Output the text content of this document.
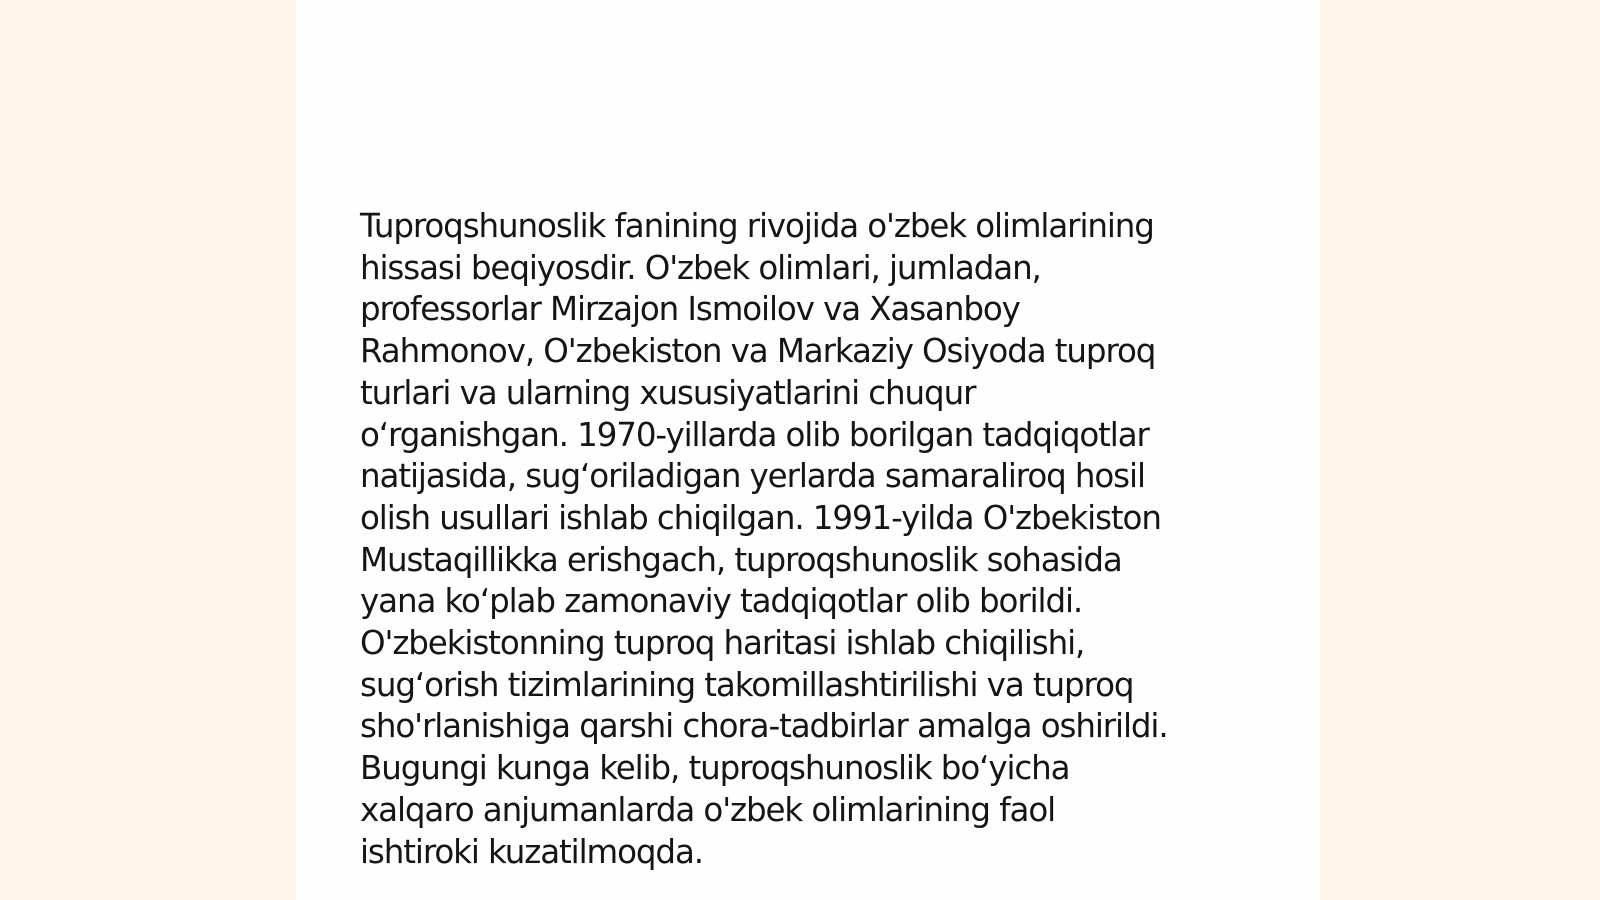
Tuproqshunoslik fanining rivojida o'zbek olimlarining
hissasi beqiyosdir. O'zbek olimlari, jumladan,
professorlar Mirzajon Ismoilov va Xasanboy
Rahmonov, O'zbekiston va Markaziy Osiyoda tuproq
turlari va ularning xususiyatlarini chuqur
o‘rganishgan. 1970-yillarda olib borilgan tadqiqotlar
natijasida, sug‘oriladigan yerlarda samaraliroq hosil
olish usullari ishlab chiqilgan. 1991-yilda O'zbekiston
Mustaqillikka erishgach, tuproqshunoslik sohasida
yana ko‘plab zamonaviy tadqiqotlar olib borildi.
O'zbekistonning tuproq haritasi ishlab chiqilishi,
sug‘orish tizimlarining takomillashtirilishi va tuproq
sho'rlanishiga qarshi chora-tadbirlar amalga oshirildi.
Bugungi kunga kelib, tuproqshunoslik bo‘yicha
xalqaro anjumanlarda o'zbek olimlarining faol
ishtiroki kuzatilmoqda.
